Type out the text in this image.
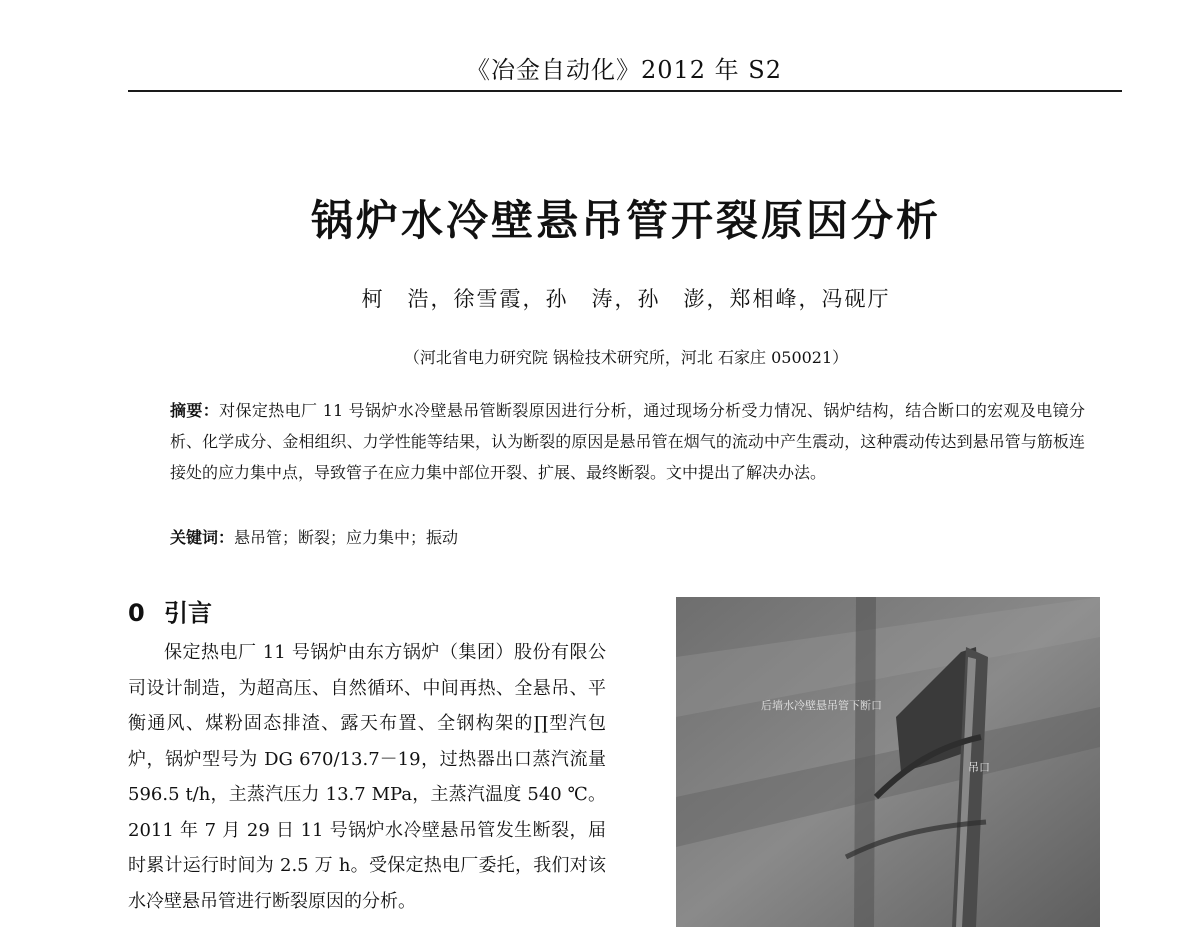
《冶金自动化》2012 年 S2
锅炉水冷壁悬吊管开裂原因分析
柯　浩，徐雪霞，孙　涛，孙　澎，郑相峰，冯砚厅
（河北省电力研究院 锅检技术研究所，河北 石家庄 050021）
摘要：对保定热电厂 11 号锅炉水冷壁悬吊管断裂原因进行分析，通过现场分析受力情况、锅炉结构，结合断口的宏观及电镜分析、化学成分、金相组织、力学性能等结果，认为断裂的原因是悬吊管在烟气的流动中产生震动，这种震动传达到悬吊管与筋板连接处的应力集中点，导致管子在应力集中部位开裂、扩展、最终断裂。文中提出了解决办法。
关键词：悬吊管；断裂；应力集中；振动
0 引言
保定热电厂 11 号锅炉由东方锅炉（集团）股份有限公司设计制造，为超高压、自然循环、中间再热、全悬吊、平衡通风、煤粉固态排渣、露天布置、全钢构架的∏型汽包炉，锅炉型号为 DG 670/13.7－19，过热器出口蒸汽流量 596.5 t/h，主蒸汽压力 13.7 MPa，主蒸汽温度 540 ℃。2011 年 7 月 29 日 11 号锅炉水冷壁悬吊管发生断裂，届时累计运行时间为 2.5 万 h。受保定热电厂委托，我们对该水冷壁悬吊管进行断裂原因的分析。
后墙水冷壁悬吊管下断口
吊口
